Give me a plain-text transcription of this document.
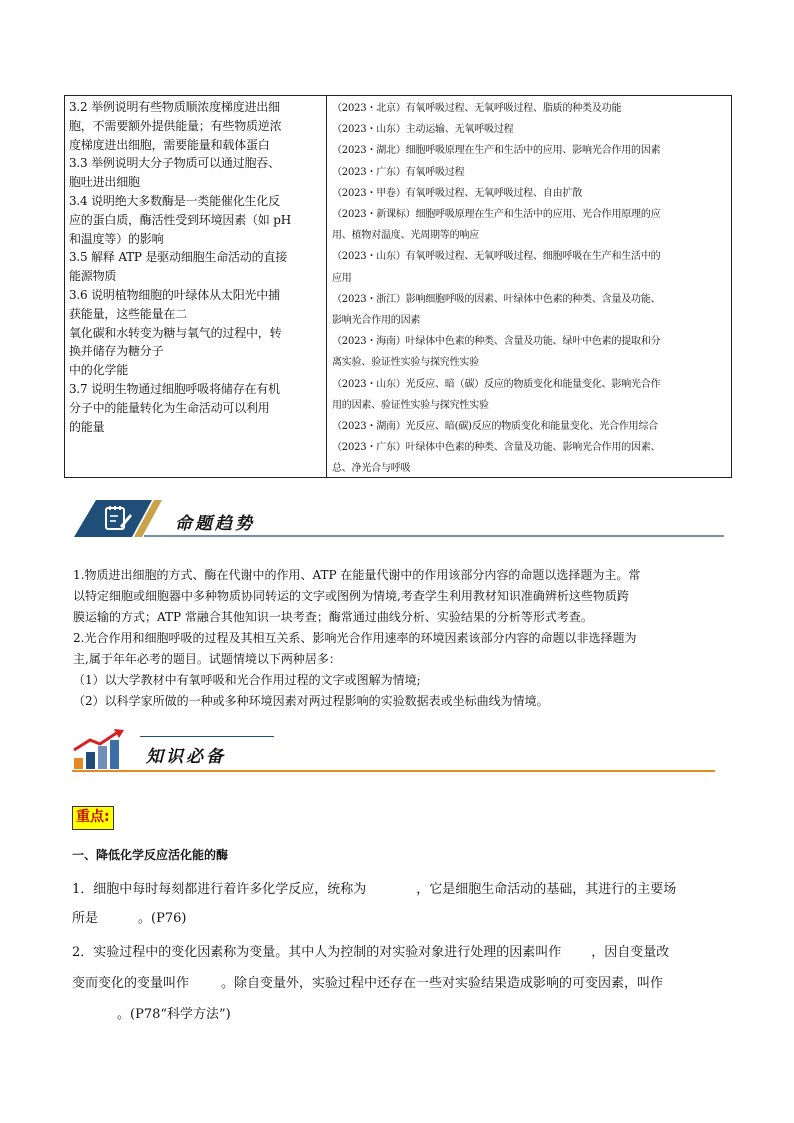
3.2 举例说明有些物质顺浓度梯度进出细
胞，不需要额外提供能量；有些物质逆浓
度梯度进出细胞，需要能量和载体蛋白
3.3 举例说明大分子物质可以通过胞吞、
胞吐进出细胞
3.4 说明绝大多数酶是一类能催化生化反
应的蛋白质，酶活性受到环境因素（如 pH
和温度等）的影响
3.5 解释 ATP 是驱动细胞生命活动的直接
能源物质
3.6 说明植物细胞的叶绿体从太阳光中捕
获能量，这些能量在二
氧化碳和水转变为糖与氧气的过程中，转
换并储存为糖分子
中的化学能
3.7 说明生物通过细胞呼吸将储存在有机
分子中的能量转化为生命活动可以利用
的能量
（2023・北京）有氧呼吸过程、无氧呼吸过程、脂质的种类及功能
（2023・山东）主动运输、无氧呼吸过程
（2023・湖北）细胞呼吸原理在生产和生活中的应用、影响光合作用的因素
（2023・广东）有氧呼吸过程
（2023・甲卷）有氧呼吸过程、无氧呼吸过程、自由扩散
（2023・新课标）细胞呼吸原理在生产和生活中的应用、光合作用原理的应
用、植物对温度、光周期等的响应
（2023・山东）有氧呼吸过程、无氧呼吸过程、细胞呼吸在生产和生活中的
应用
（2023・浙江）影响细胞呼吸的因素、叶绿体中色素的种类、含量及功能、
影响光合作用的因素
（2023・海南）叶绿体中色素的种类、含量及功能、绿叶中色素的提取和分
离实验、验证性实验与探究性实验
（2023・山东）光反应、暗（碳）反应的物质变化和能量变化、影响光合作
用的因素、验证性实验与探究性实验
（2023・湖南）光反应、暗(碳)反应的物质变化和能量变化、光合作用综合
（2023・广东）叶绿体中色素的种类、含量及功能、影响光合作用的因素、
总、净光合与呼吸
命题趋势
1.物质进出细胞的方式、酶在代谢中的作用、ATP 在能量代谢中的作用该部分内容的命题以选择题为主。常
以特定细胞或细胞器中多种物质协同转运的文字或图例为情境,考查学生利用教材知识准确辨析这些物质跨
膜运输的方式；ATP 常融合其他知识一块考查；酶常通过曲线分析、实验结果的分析等形式考查。
2.光合作用和细胞呼吸的过程及其相互关系、影响光合作用速率的环境因素该部分内容的命题以非选择题为
主,属于年年必考的题目。试题情境以下两种居多：
（1）以大学教材中有氧呼吸和光合作用过程的文字或图解为情境;
（2）以科学家所做的一种或多种环境因素对两过程影响的实验数据表或坐标曲线为情境。
知识必备
重点:
一、降低化学反应活化能的酶
1．细胞中每时每刻都进行着许多化学反应，统称为	，它是细胞生命活动的基础，其进行的主要场
所是	。(P76)
2．实验过程中的变化因素称为变量。其中人为控制的对实验对象进行处理的因素叫作 ，因自变量改
变而变化的变量叫作 。除自变量外，实验过程中还存在一些对实验结果造成影响的可变因素，叫作
。(P78“科学方法”)
